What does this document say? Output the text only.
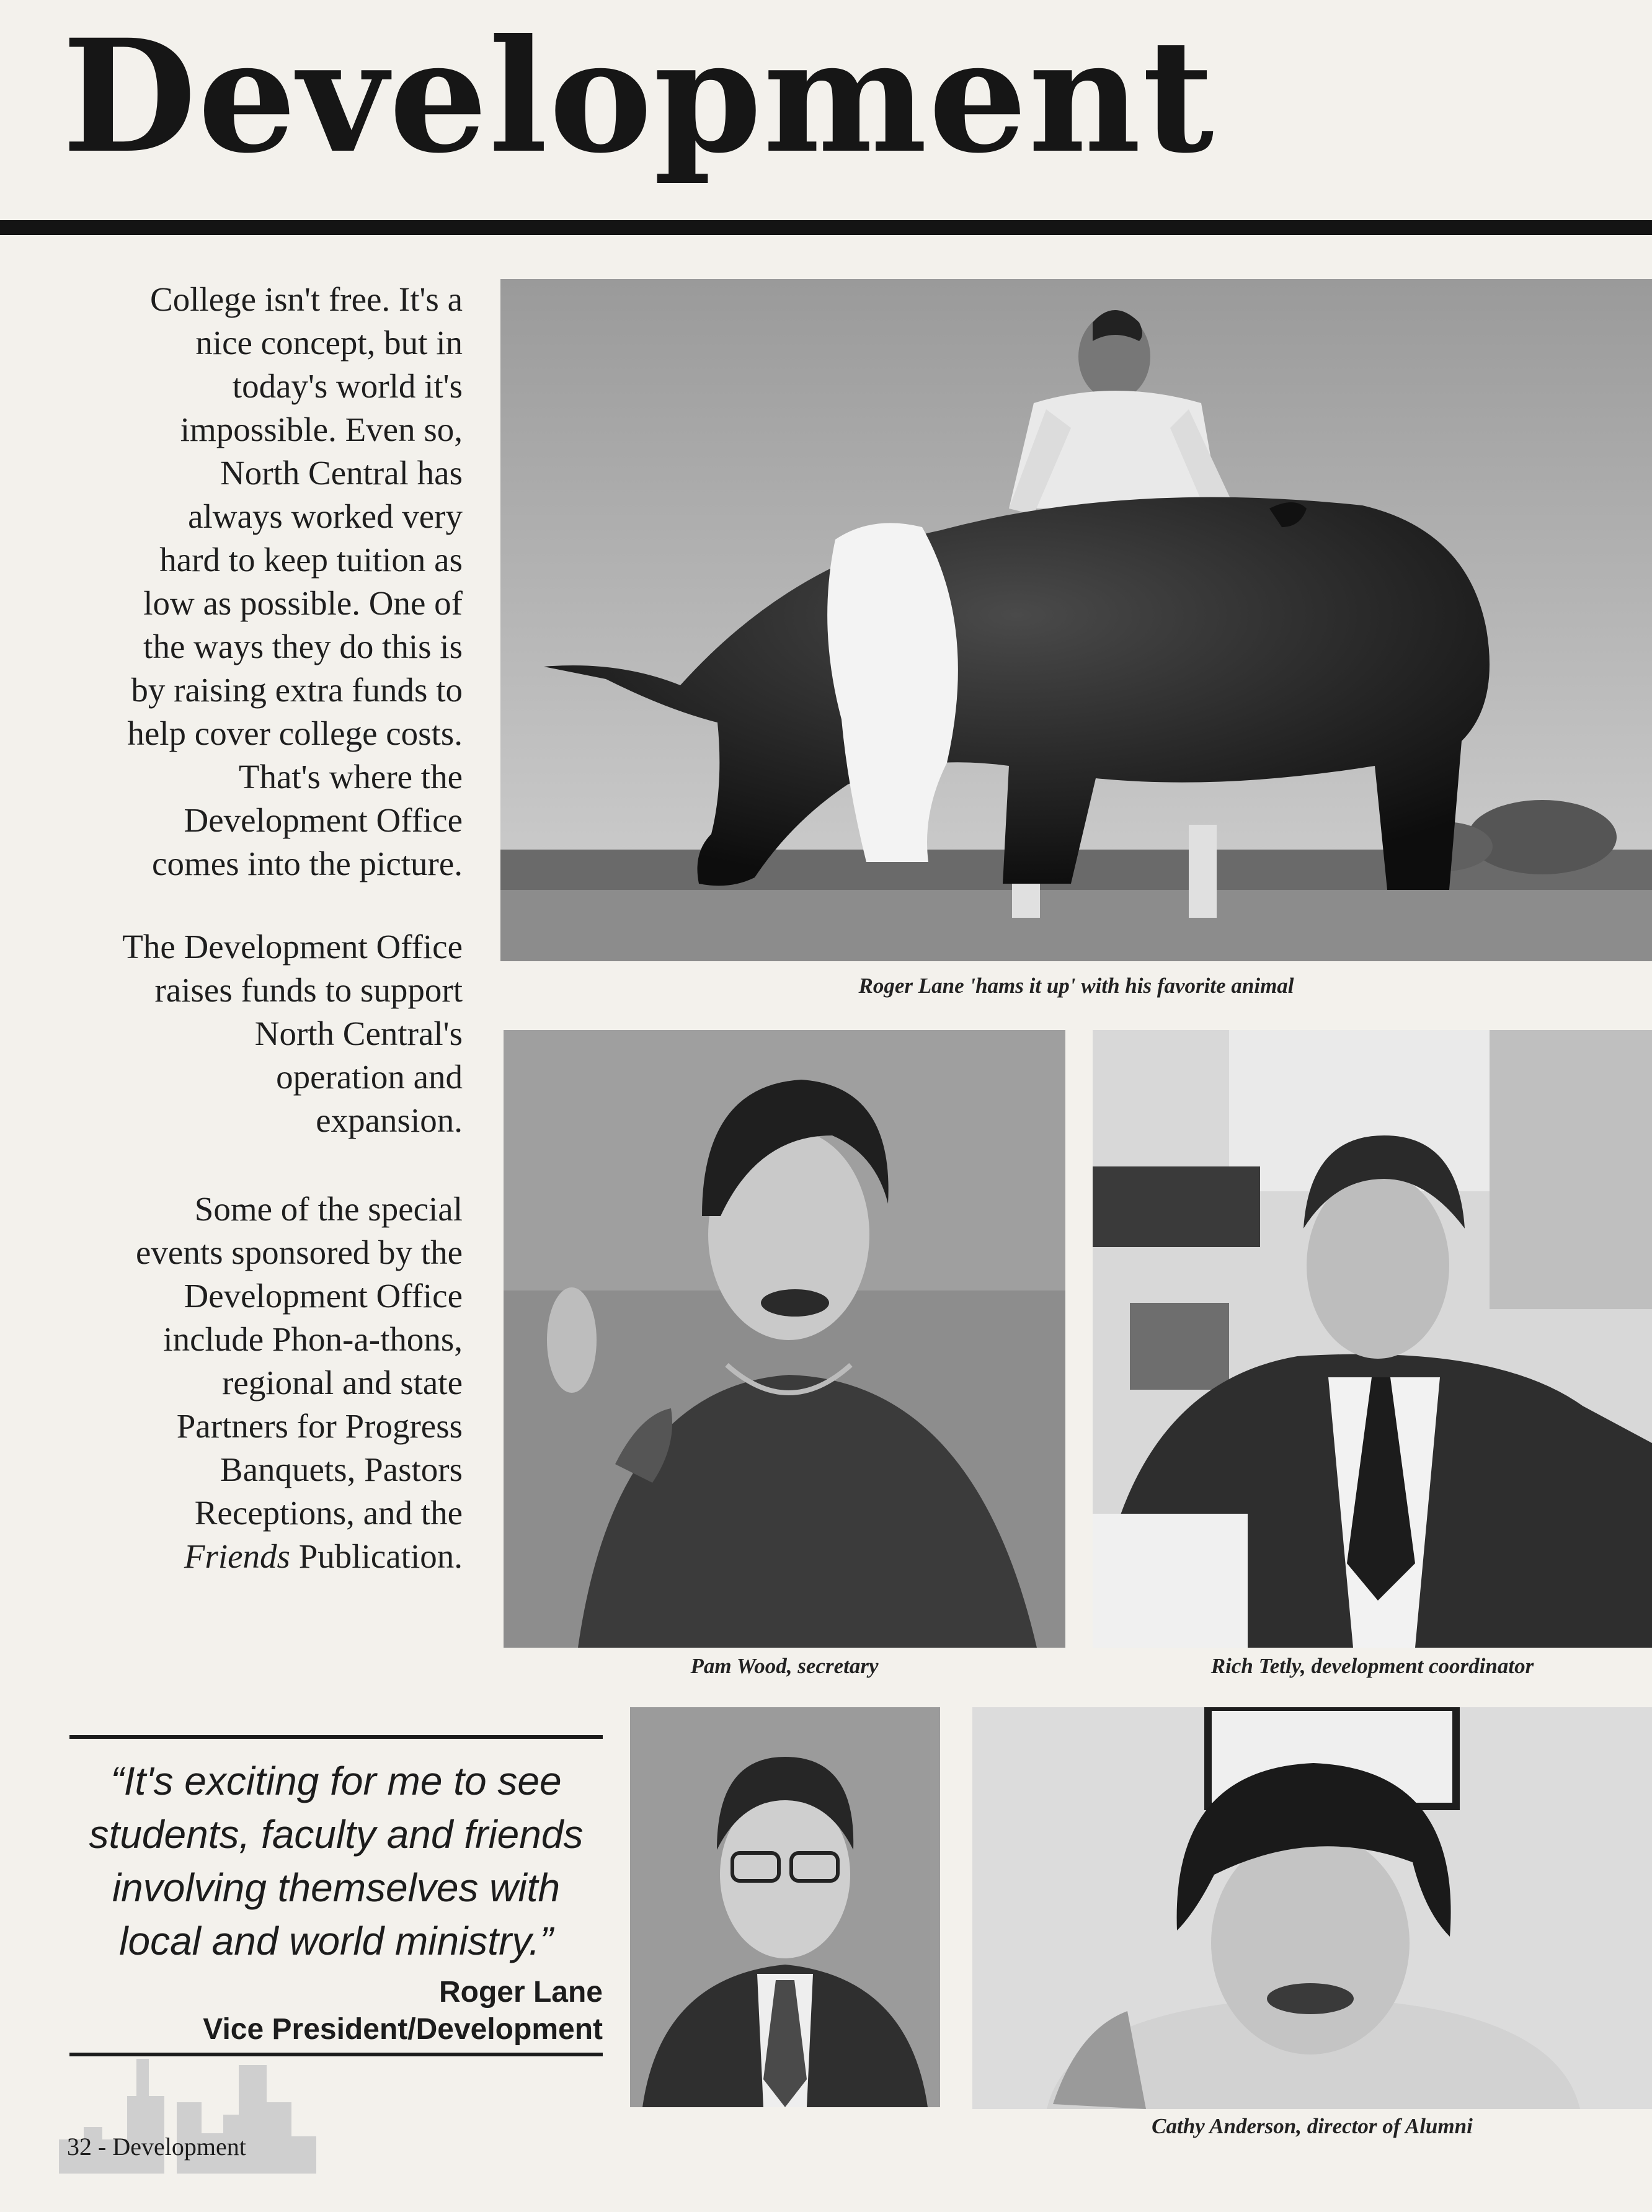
Development
College isn't free. It's a
nice concept, but in
today's world it's
impossible. Even so,
North Central has
always worked very
hard to keep tuition as
low as possible. One of
the ways they do this is
by raising extra funds to
help cover college costs.
That's where the
Development Office
comes into the picture.
The Development Office
raises funds to support
North Central's
operation and
expansion.
Some of the special
events sponsored by the
Development Office
include Phon-a-thons,
regional and state
Partners for Progress
Banquets, Pastors
Receptions, and the
Friends Publication.
Roger Lane 'hams it up' with his favorite animal
Pam Wood, secretary	Rich Tetly, development coordinator
Cathy Anderson, director of Alumni
“It's exciting for me to see
students, faculty and friends
involving themselves with
local and world ministry.”
Roger Lane
Vice President/Development
32 - Development
